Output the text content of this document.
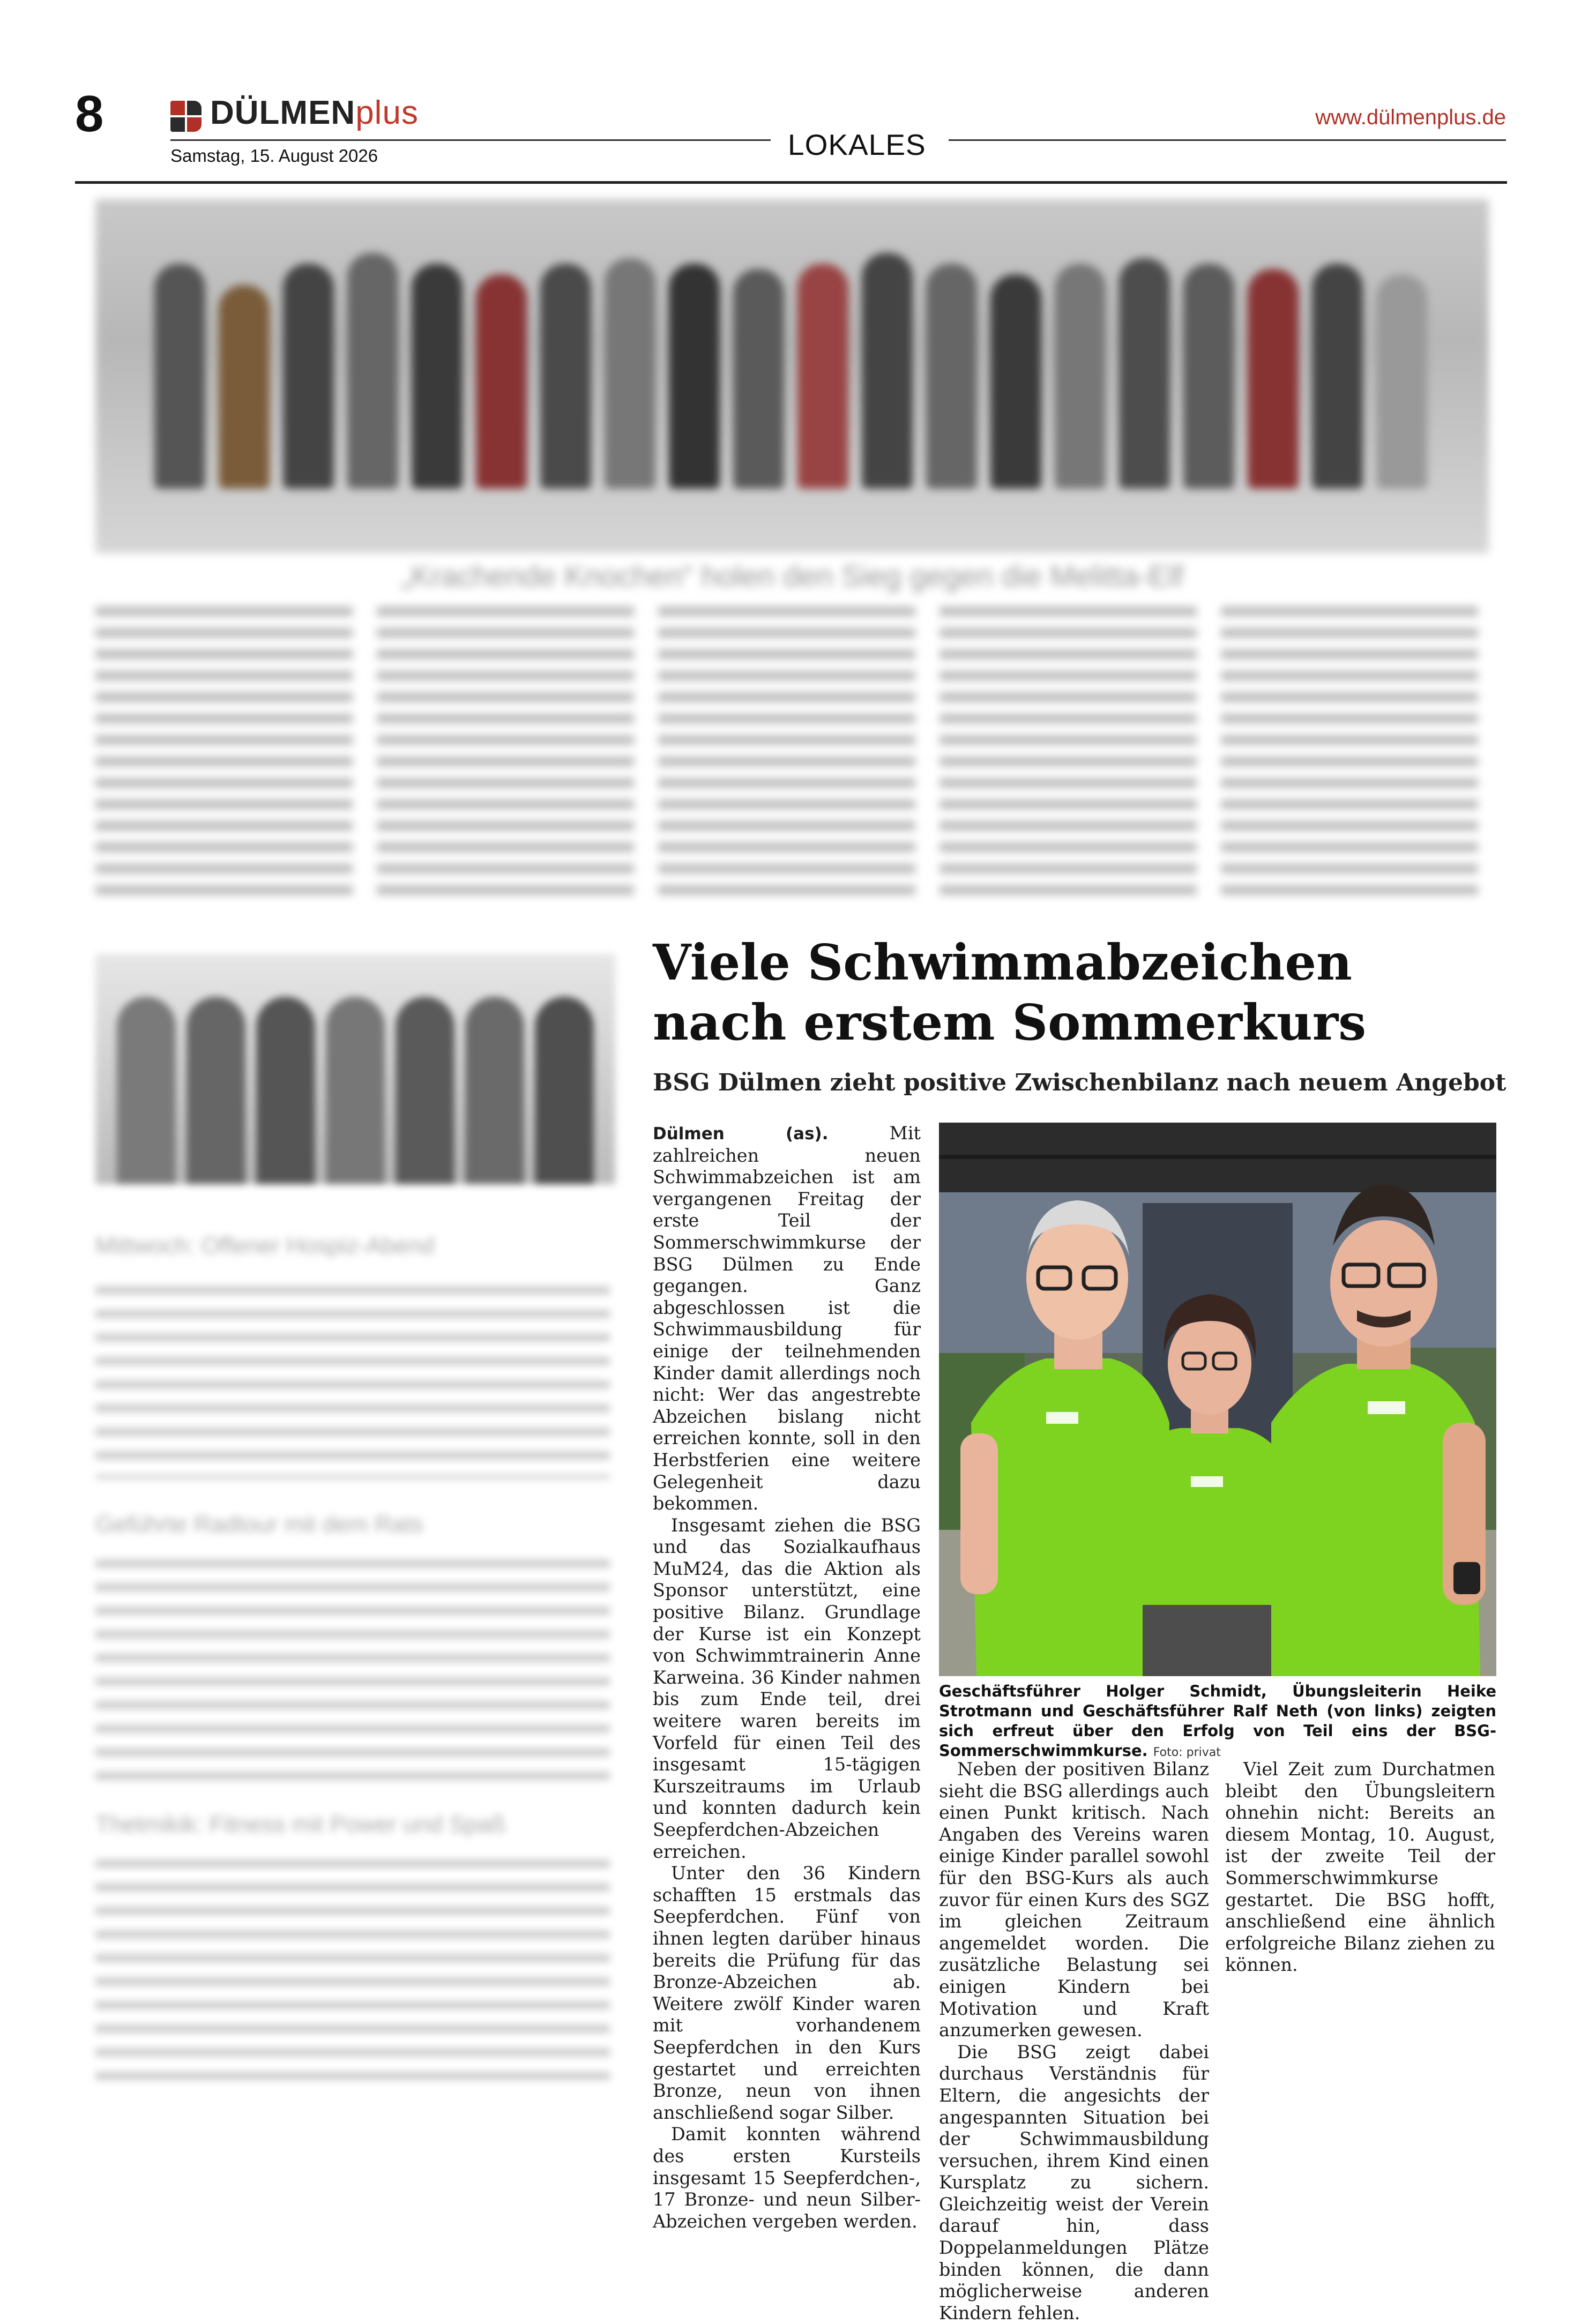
8	DÜLMENplus
Samstag, 15. August 2026	LOKALES
www.dülmenplus.de
„Krachende Knochen“ holen den Sieg gegen die Melitta-Elf
Mittwoch: Offener Hospiz-Abend
Geführte Radtour mit dem Rats
Thetmikik: Fitness mit Power und Spaß
Viele Schwimmabzeichen
nach erstem Sommerkurs
BSG Dülmen zieht positive Zwischenbilanz nach neuem Angebot

Dülmen (as).	Mit zahlreichen neuen Schwimmabzeichen ist am vergangenen Freitag der erste Teil der Sommerschwimmkurse der BSG Dülmen zu Ende gegangen. Ganz abgeschlossen ist die Schwimmausbildung für einige der teilnehmenden Kinder damit allerdings noch nicht: Wer das angestrebte Abzeichen bislang nicht erreichen konnte, soll in den Herbstferien eine weitere Gelegenheit dazu bekommen.

Insgesamt ziehen die BSG und das Sozialkaufhaus MuM24, das die Aktion als Sponsor unterstützt, eine positive Bilanz. Grundlage der Kurse ist ein Konzept von Schwimmtrainerin Anne Karweina. 36 Kinder nahmen bis zum Ende teil, drei weitere waren bereits im Vorfeld für einen Teil des insgesamt 15-tägigen Kurszeitraums im Urlaub und konnten dadurch kein Seepferdchen-Abzeichen erreichen.

Unter den 36 Kindern schafften 15 erstmals das Seepferdchen. Fünf von ihnen legten darüber hinaus bereits die Prüfung für das Bronze-Abzeichen ab. Weitere zwölf Kinder waren mit vorhandenem Seepferdchen in den Kurs gestartet und erreichten Bronze, neun von ihnen anschließend sogar Silber.

Damit konnten während des ersten Kursteils insgesamt 15 Seepferdchen-, 17 Bronze- und neun Silber-Abzeichen vergeben werden.

Geschäftsführer Holger Schmidt, Übungsleiterin Heike Strotmann und Geschäftsführer Ralf Neth (von links) zeigten sich erfreut über den Erfolg von Teil eins der BSG-Sommerschwimmkurse. Foto: privat

Neben der positiven Bilanz sieht die BSG allerdings auch einen Punkt kritisch. Nach Angaben des Vereins waren einige Kinder parallel sowohl für den BSG-Kurs als auch zuvor für einen Kurs des SGZ im gleichen Zeitraum angemeldet worden. Die zusätzliche Belastung sei einigen Kindern bei Motivation und Kraft anzumerken gewesen.

Die BSG zeigt dabei durchaus Verständnis für Eltern, die angesichts der angespannten Situation bei der Schwimmausbildung versuchen, ihrem Kind einen Kursplatz zu sichern. Gleichzeitig weist der Verein darauf hin, dass Doppelanmeldungen Plätze binden können, die dann möglicherweise anderen Kindern fehlen.

Viel Zeit zum Durchatmen bleibt den Übungsleitern ohnehin nicht: Bereits an diesem Montag, 10. August, ist der zweite Teil der Sommerschwimmkurse gestartet. Die BSG hofft, anschließend eine ähnlich erfolgreiche Bilanz ziehen zu können.
